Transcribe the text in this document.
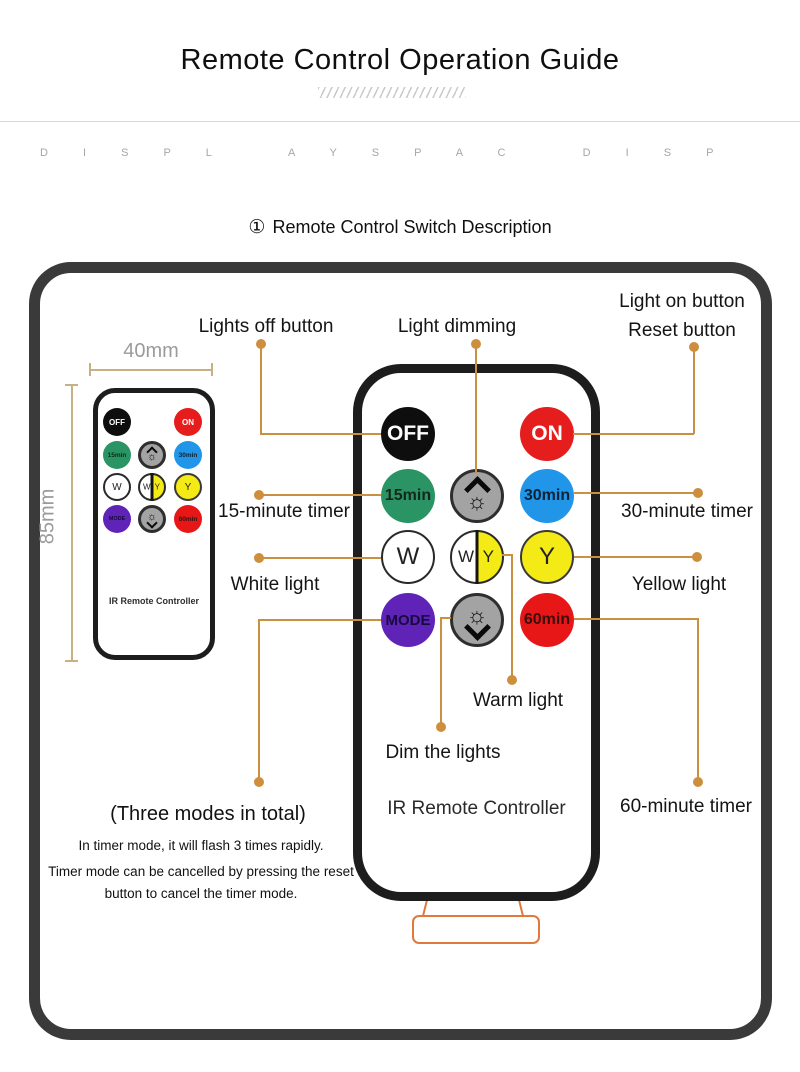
Remote Control Operation Guide
D I S P L   A Y S P A C   D I S P
① Remote Control Switch Description
40mm
85mm
OFF	ON
15min	☼	30min
W	W Y	Y
MODE	☼	60min
IR Remote Controller
OFF	ON
15min ☼ 30min
W	W Y	Y
MODE ☼ 60min
IR Remote Controller
Lights off button	Light dimming
Light on button
Reset button
15-minute timer	30-minute timer
White light	Yellow light
Warm light
Dim the lights
60-minute timer
(Three modes in total)
In timer mode, it will flash 3 times rapidly.
Timer mode can be cancelled by pressing the reset button to cancel the timer mode.
